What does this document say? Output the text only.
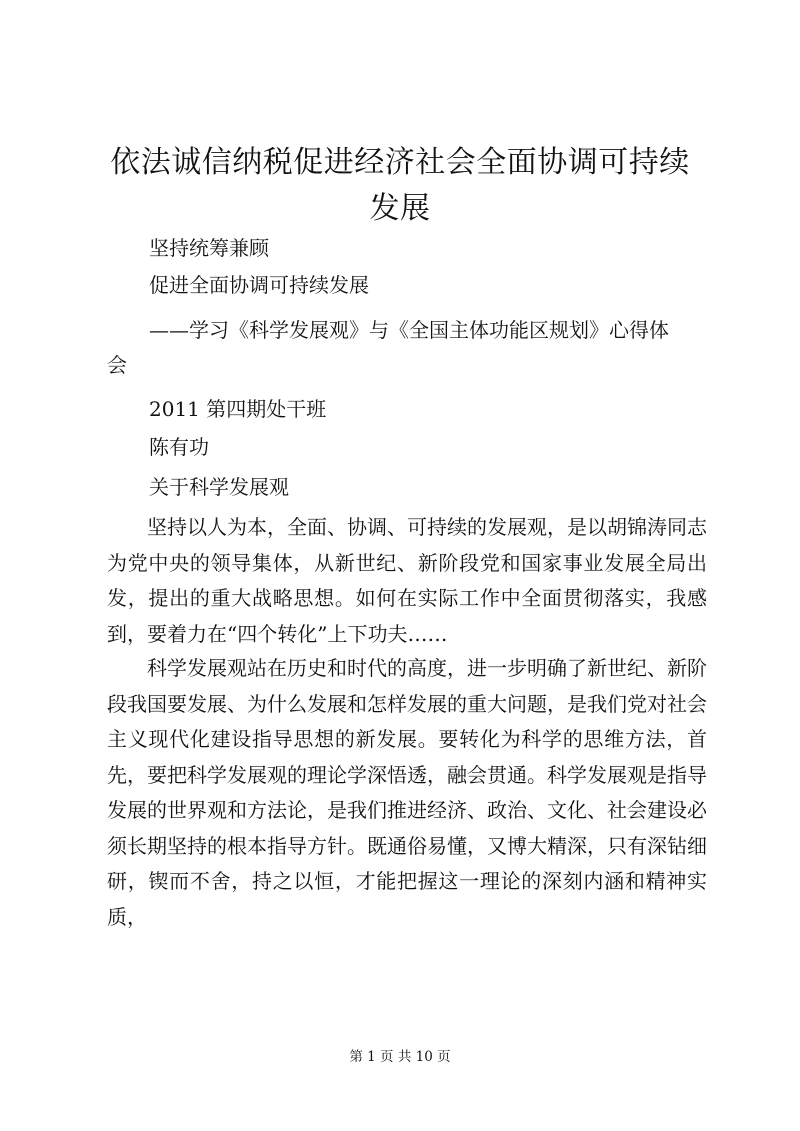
依法诚信纳税促进经济社会全面协调可持续发展

坚持统筹兼顾

促进全面协调可持续发展

——学习《科学发展观》与《全国主体功能区规划》心得体

会

2011 第四期处干班

陈有功

关于科学发展观

坚持以人为本，全面、协调、可持续的发展观，是以胡锦涛同志为党中央的领导集体，从新世纪、新阶段党和国家事业发展全局出发，提出的重大战略思想。如何在实际工作中全面贯彻落实，我感到，要着力在“四个转化”上下功夫……

科学发展观站在历史和时代的高度，进一步明确了新世纪、新阶段我国要发展、为什么发展和怎样发展的重大问题，是我们党对社会主义现代化建设指导思想的新发展。要转化为科学的思维方法，首先，要把科学发展观的理论学深悟透，融会贯通。科学发展观是指导发展的世界观和方法论，是我们推进经济、政治、文化、社会建设必须长期坚持的根本指导方针。既通俗易懂，又博大精深，只有深钻细研，锲而不舍，持之以恒，才能把握这一理论的深刻内涵和精神实质，

第 1 页 共 10 页
